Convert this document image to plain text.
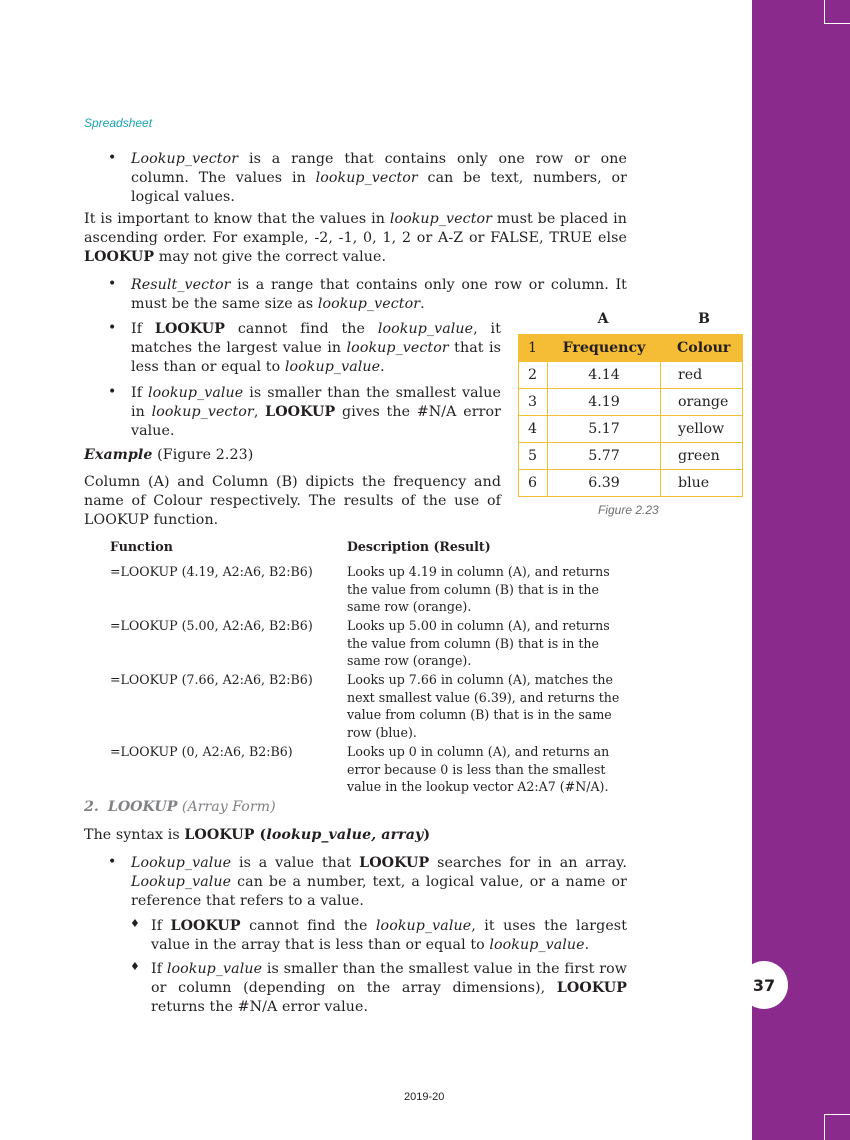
37
Spreadsheet
• Lookup_vector is a range that contains only one row or one column. The values in lookup_vector can be text, numbers, or logical values.
It is important to know that the values in lookup_vector must be placed in ascending order. For example, -2, -1, 0, 1, 2 or A-Z or FALSE, TRUE else LOOKUP may not give the correct value.
• Result_vector is a range that contains only one row or column. It must be the same size as lookup_vector.
• If LOOKUP cannot find the lookup_value, it matches the largest value in lookup_vector that is less than or equal to lookup_value.
• If lookup_value is smaller than the smallest value in lookup_vector, LOOKUP gives the #N/A error value.
Example (Figure 2.23)
Column (A) and Column (B) dipicts the frequency and name of Colour respectively. The results of the use of LOOKUP function.
A	B
1	Frequency	Colour
2	4.14	red
3	4.19	orange
4	5.17	yellow
5	5.77	green
6	6.39	blue
Figure 2.23
Function	Description (Result)
=LOOKUP (4.19, A2:A6, B2:B6)	Looks up 4.19 in column (A), and returns the value from column (B) that is in the same row (orange).
=LOOKUP (5.00, A2:A6, B2:B6)	Looks up 5.00 in column (A), and returns the value from column (B) that is in the same row (orange).
=LOOKUP (7.66, A2:A6, B2:B6)	Looks up 7.66 in column (A), matches the next smallest value (6.39), and returns the value from column (B) that is in the same row (blue).
=LOOKUP (0, A2:A6, B2:B6)	Looks up 0 in column (A), and returns an error because 0 is less than the smallest value in the lookup vector A2:A7 (#N/A).
2. LOOKUP (Array Form)
The syntax is LOOKUP (lookup_value, array)
• Lookup_value is a value that LOOKUP searches for in an array. Lookup_value can be a number, text, a logical value, or a name or reference that refers to a value.
♦ If LOOKUP cannot find the lookup_value, it uses the largest value in the array that is less than or equal to lookup_value.
♦ If lookup_value is smaller than the smallest value in the first row or column (depending on the array dimensions), LOOKUP returns the #N/A error value.
2019-20
